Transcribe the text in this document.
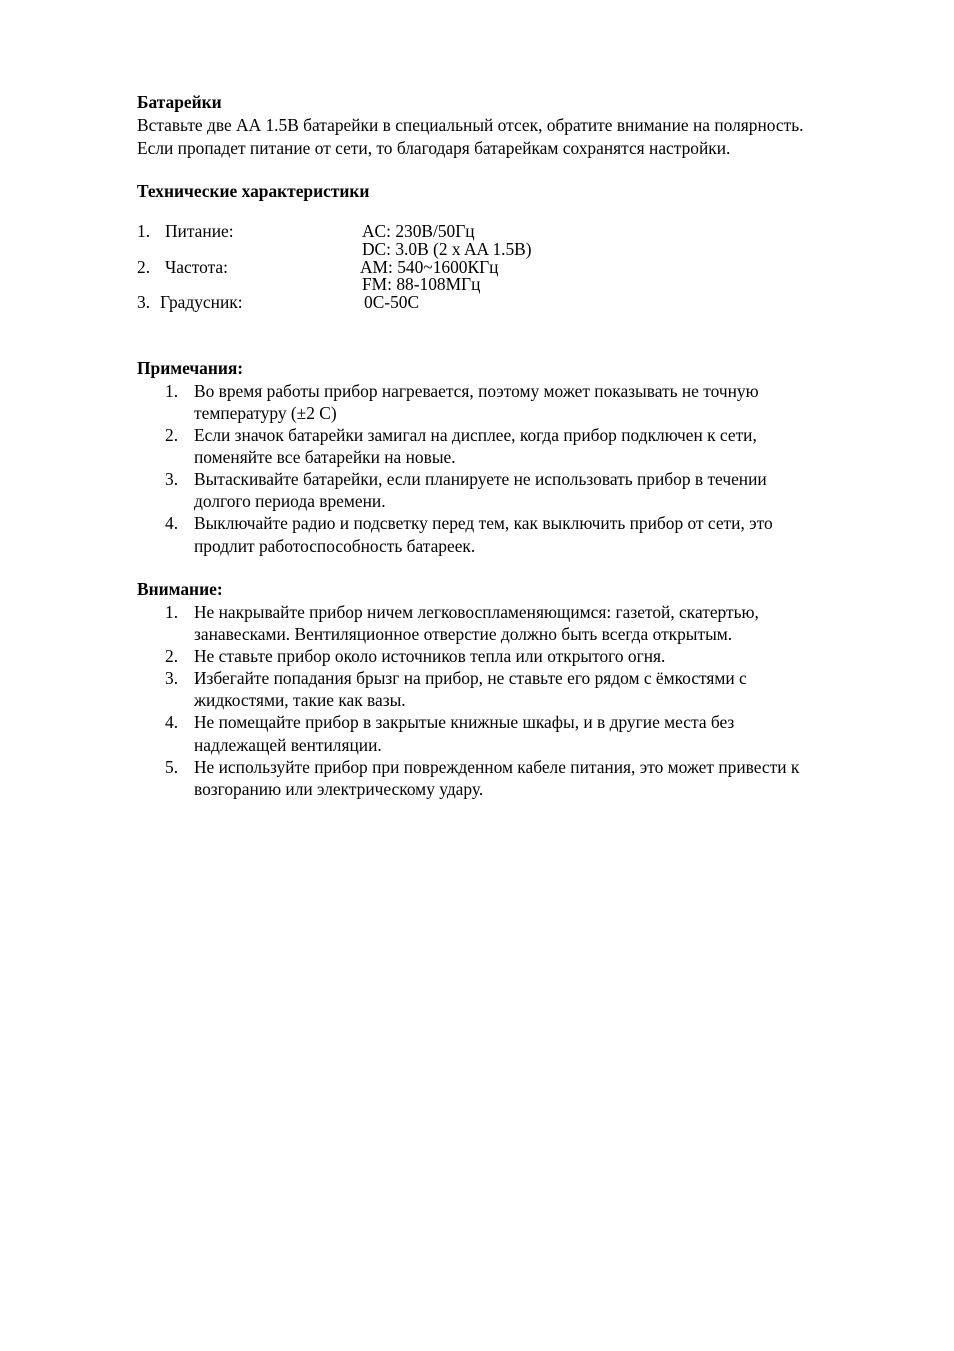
Батарейки
Вставьте две АА 1.5В батарейки в специальный отсек, обратите внимание на полярность.
Если пропадет питание от сети, то благодаря батарейкам сохранятся настройки.
Технические характеристики
1. Питание:	AC: 230В/50Гц
DC: 3.0В (2 x AA 1.5В)
2. Частота:	AM: 540~1600КГц
FM: 88-108МГц
3. Градусник:	0С-50С
Примечания:
1. Во время работы прибор нагревается, поэтому может показывать не точную
температуру (±2 С)
2. Если значок батарейки замигал на дисплее, когда прибор подключен к сети,
поменяйте все батарейки на новые.
3. Вытаскивайте батарейки, если планируете не использовать прибор в течении
долгого периода времени.
4. Выключайте радио и подсветку перед тем, как выключить прибор от сети, это
продлит работоспособность батареек.
Внимание:
1. Не накрывайте прибор ничем легковоспламеняющимся: газетой, скатертью,
занавесками. Вентиляционное отверстие должно быть всегда открытым.
2. Не ставьте прибор около источников тепла или открытого огня.
3. Избегайте попадания брызг на прибор, не ставьте его рядом с ёмкостями с
жидкостями, такие как вазы.
4. Не помещайте прибор в закрытые книжные шкафы, и в другие места без
надлежащей вентиляции.
5. Не используйте прибор при поврежденном кабеле питания, это может привести к
возгоранию или электрическому удару.
